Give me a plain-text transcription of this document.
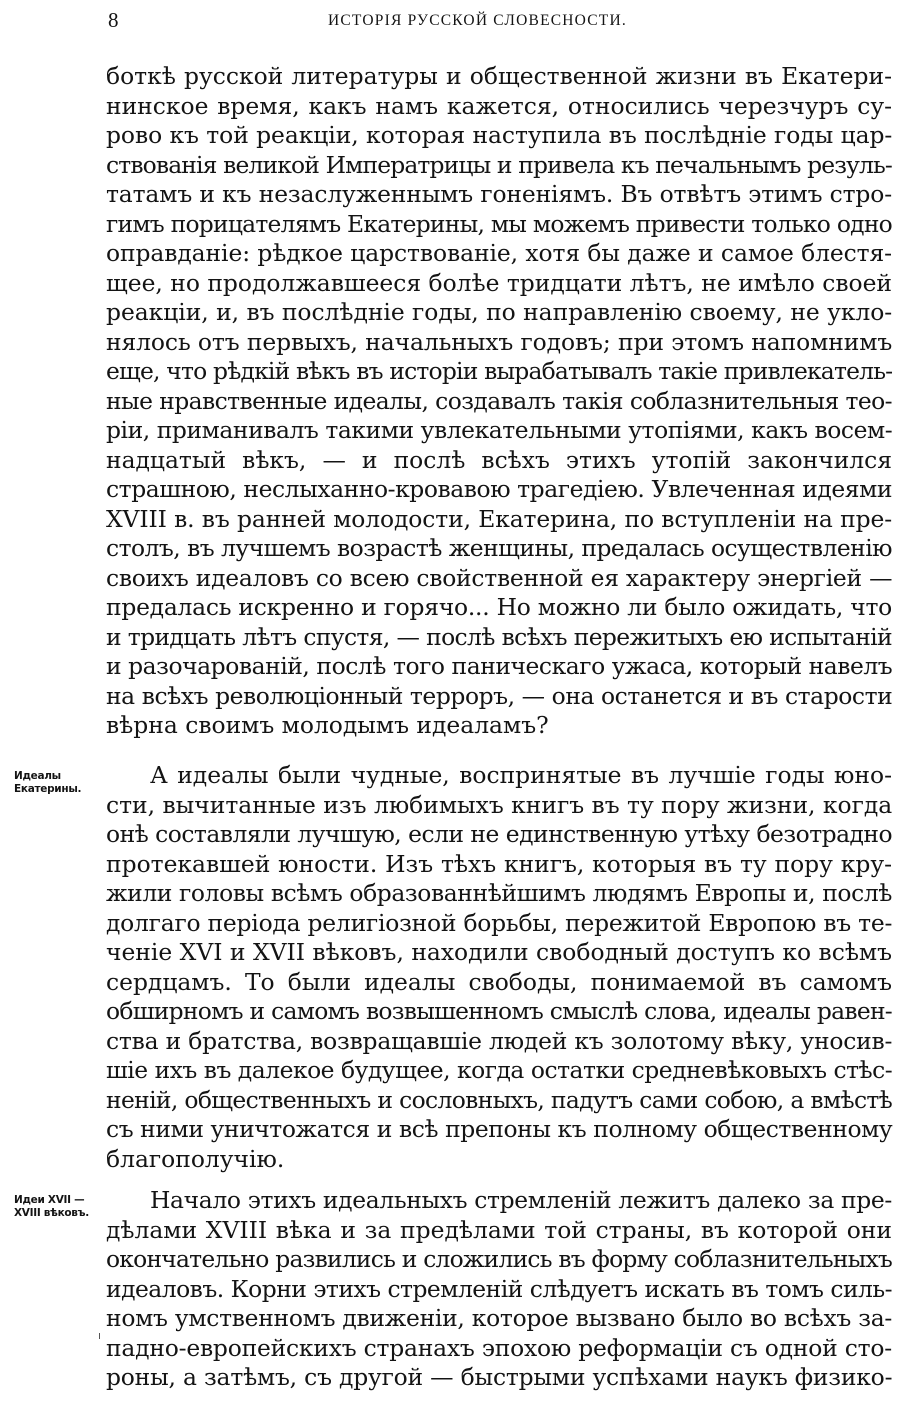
8	ИСТОРІЯ РУССКОЙ СЛОВЕСНОСТИ.
боткѣ русской литературы и общественной жизни въ Екатери-
нинское время, какъ намъ кажется, относились черезчуръ су-
рово къ той реакціи, которая наступила въ послѣдніе годы цар-
ствованія великой Императрицы и привела къ печальнымъ резуль-
татамъ и къ незаслуженнымъ гоненіямъ. Въ отвѣтъ этимъ стро-
гимъ порицателямъ Екатерины, мы можемъ привести только одно
оправданіе: рѣдкое царствованіе, хотя бы даже и самое блестя-
щее, но продолжавшееся болѣе тридцати лѣтъ, не имѣло своей
реакціи, и, въ послѣдніе годы, по направленію своему, не укло-
нялось отъ первыхъ, начальныхъ годовъ; при этомъ напомнимъ
еще, что рѣдкій вѣкъ въ исторіи вырабатывалъ такіе привлекатель-
ные нравственные идеалы, создавалъ такія соблазнительныя тео-
ріи, приманивалъ такими увлекательными утопіями, какъ восем-
надцатый вѣкъ, — и послѣ всѣхъ этихъ утопій закончился
страшною, неслыханно-кровавою трагедіею. Увлеченная идеями
XVIII в. въ ранней молодости, Екатерина, по вступленіи на пре-
столъ, въ лучшемъ возрастѣ женщины, предалась осуществленію
своихъ идеаловъ со всею свойственной ея характеру энергіей —
предалась искренно и горячо... Но можно ли было ожидать, что
и тридцать лѣтъ спустя, — послѣ всѣхъ пережитыхъ ею испытаній
и разочарованій, послѣ того паническаго ужаса, который навелъ
на всѣхъ революціонный терроръ, — она останется и въ старости
вѣрна своимъ молодымъ идеаламъ?
Идеалы Екатерины.	А идеалы были чудные, воспринятые въ лучшіе годы юно-
сти, вычитанные изъ любимыхъ книгъ въ ту пору жизни, когда
онѣ составляли лучшую, если не единственную утѣху безотрадно
протекавшей юности. Изъ тѣхъ книгъ, которыя въ ту пору кру-
жили головы всѣмъ образованнѣйшимъ людямъ Европы и, послѣ
долгаго періода религіозной борьбы, пережитой Европою въ те-
ченіе XVI и XVII вѣковъ, находили свободный доступъ ко всѣмъ
сердцамъ. То были идеалы свободы, понимаемой въ самомъ
обширномъ и самомъ возвышенномъ смыслѣ слова, идеалы равен-
ства и братства, возвращавшіе людей къ золотому вѣку, уносив-
шіе ихъ въ далекое будущее, когда остатки средневѣковыхъ стѣс-
неній, общественныхъ и сословныхъ, падутъ сами собою, а вмѣстѣ
съ ними уничтожатся и всѣ препоны къ полному общественному
благополучію.
Идеи XVII — XVIII вѣковъ.	Начало этихъ идеальныхъ стремленій лежитъ далеко за пре-
дѣлами XVIII вѣка и за предѣлами той страны, въ которой они
окончательно развились и сложились въ форму соблазнительныхъ
идеаловъ. Корни этихъ стремленій слѣдуетъ искать въ томъ силь-
номъ умственномъ движеніи, которое вызвано было во всѣхъ за-
падно-европейскихъ странахъ эпохою реформаціи съ одной сто-
роны, а затѣмъ, съ другой — быстрыми успѣхами наукъ физико-
